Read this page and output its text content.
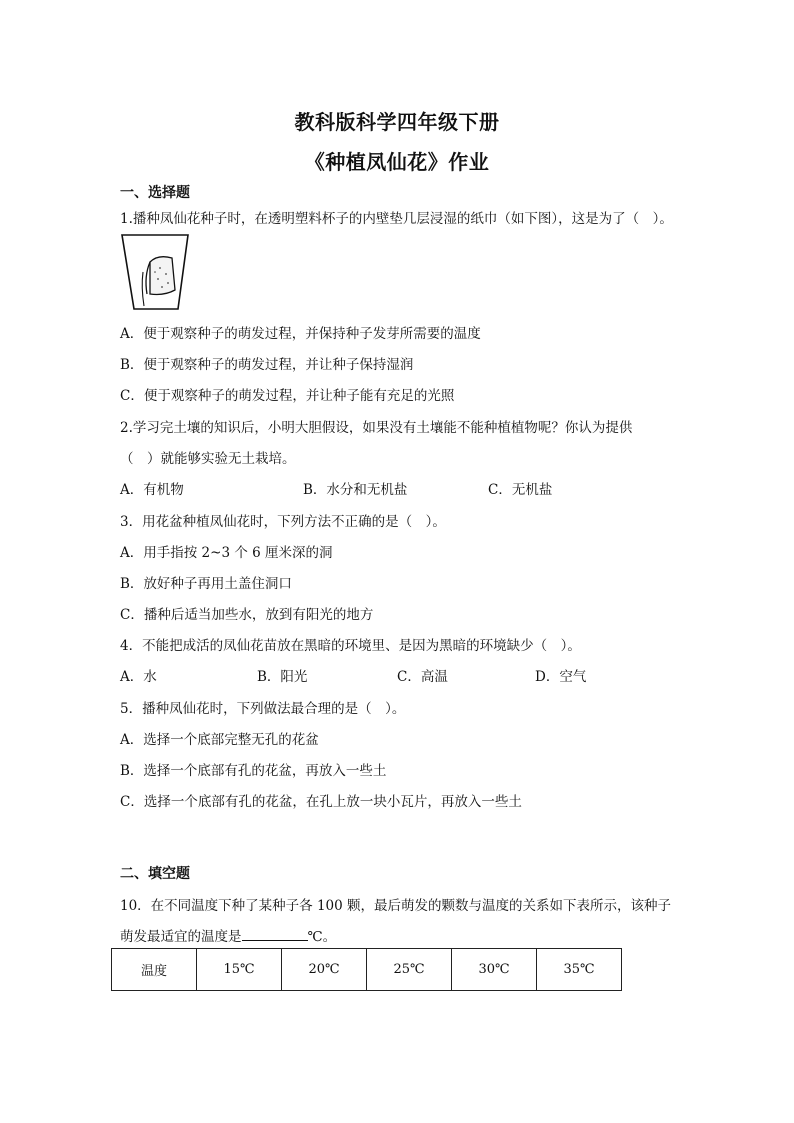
教科版科学四年级下册
《种植凤仙花》作业
一、选择题
1.播种凤仙花种子时，在透明塑料杯子的内壁垫几层浸湿的纸巾（如下图），这是为了（　）。
A．便于观察种子的萌发过程，并保持种子发芽所需要的温度
B．便于观察种子的萌发过程，并让种子保持湿润
C．便于观察种子的萌发过程，并让种子能有充足的光照
2.学习完土壤的知识后，小明大胆假设，如果没有土壤能不能种植植物呢？你认为提供
（　）就能够实验无土栽培。
A．有机物	B．水分和无机盐	C．无机盐
3．用花盆种植凤仙花时，下列方法不正确的是（　）。
A．用手指按 2~3 个 6 厘米深的洞
B．放好种子再用土盖住洞口
C．播种后适当加些水，放到有阳光的地方
4．不能把成活的凤仙花苗放在黑暗的环境里、是因为黑暗的环境缺少（　）。
A．水	B．阳光	C．高温	D．空气
5．播种凤仙花时，下列做法最合理的是（　）。
A．选择一个底部完整无孔的花盆
B．选择一个底部有孔的花盆，再放入一些土
C．选择一个底部有孔的花盆，在孔上放一块小瓦片，再放入一些土
二、填空题
10．在不同温度下种了某种子各 100 颗，最后萌发的颗数与温度的关系如下表所示，该种子
萌发最适宜的温度是	℃。
温度	15℃	20℃	25℃	30℃	35℃
